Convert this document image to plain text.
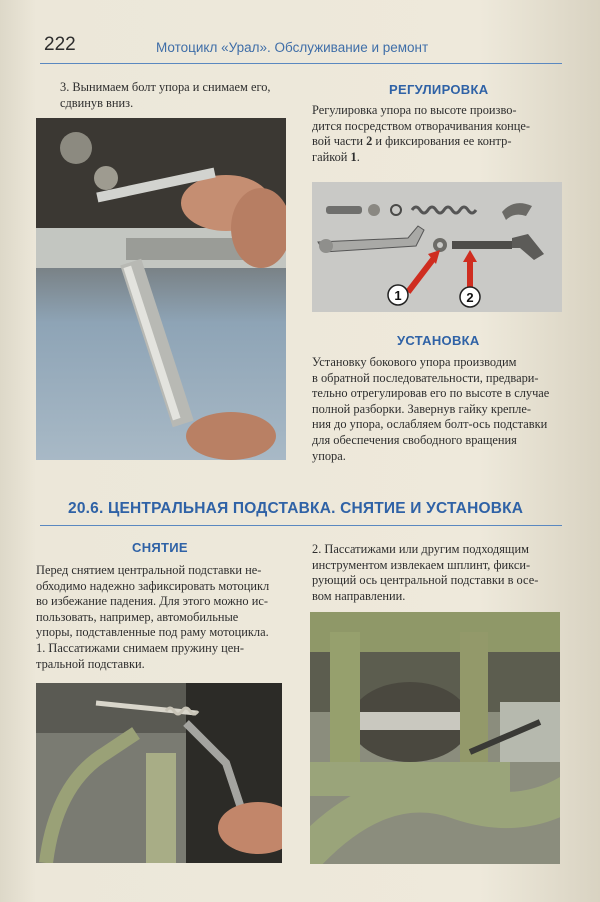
222	Мотоцикл «Урал». Обслуживание и ремонт

3. Вынимаем болт упора и снимаем его,
сдвинув вниз.

РЕГУЛИРОВКА

Регулировка упора по высоте произво-
дится посредством отворачивания конце-
вой части 2 и фиксирования ее контр-
гайкой 1.

1	2
УСТАНОВКА

Установку бокового упора производим
в обратной последовательности, предвари-
тельно отрегулировав его по высоте в случае
полной разборки. Завернув гайку крепле-
ния до упора, ослабляем болт-ось подставки
для обеспечения свободного вращения
упора.

20.6. ЦЕНТРАЛЬНАЯ ПОДСТАВКА. СНЯТИЕ И УСТАНОВКА
СНЯТИЕ

Перед снятием центральной подставки не-
обходимо надежно зафиксировать мотоцикл
во избежание падения. Для этого можно ис-
пользовать, например, автомобильные
упоры, подставленные под раму мотоцикла.
1. Пассатижами снимаем пружину цен-
тральной подставки.

2. Пассатижами или другим подходящим
инструментом извлекаем шплинт, фикси-
рующий ось центральной подставки в осе-
вом направлении.
